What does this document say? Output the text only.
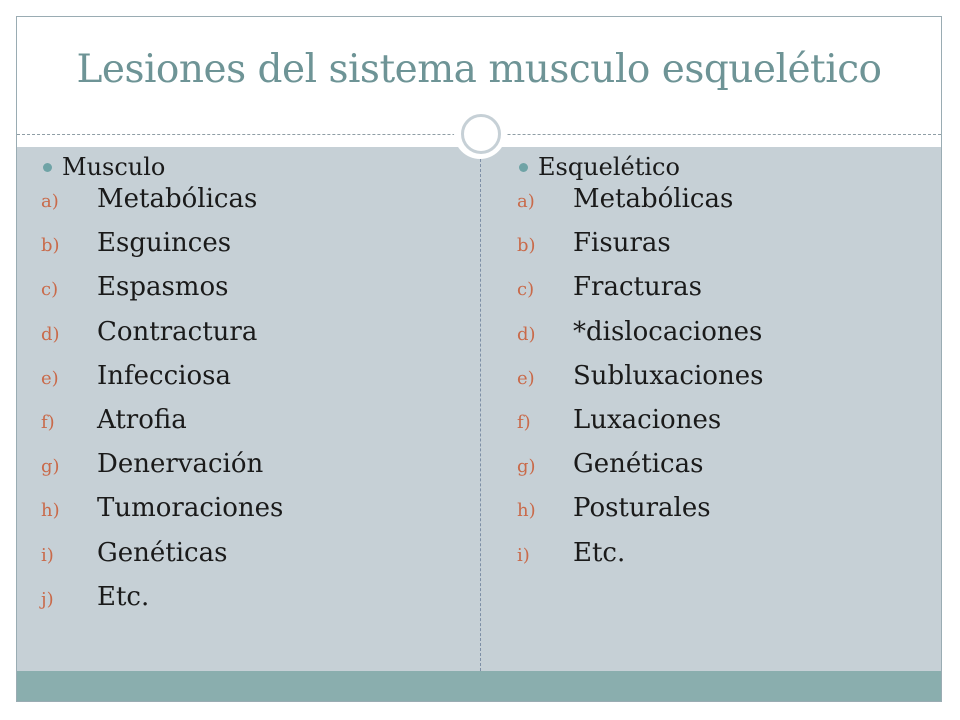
Lesiones del sistema musculo esquelético
Musculo
a)	Metabólicas
b)	Esguinces
c)	Espasmos
d)	Contractura
e)	Infecciosa
f)	Atrofia
g)	Denervación
h)	Tumoraciones
i)	Genéticas
j)	Etc.
Esquelético
a)	Metabólicas
b)	Fisuras
c)	Fracturas
d)	*dislocaciones
e)	Subluxaciones
f)	Luxaciones
g)	Genéticas
h)	Posturales
i)	Etc.
